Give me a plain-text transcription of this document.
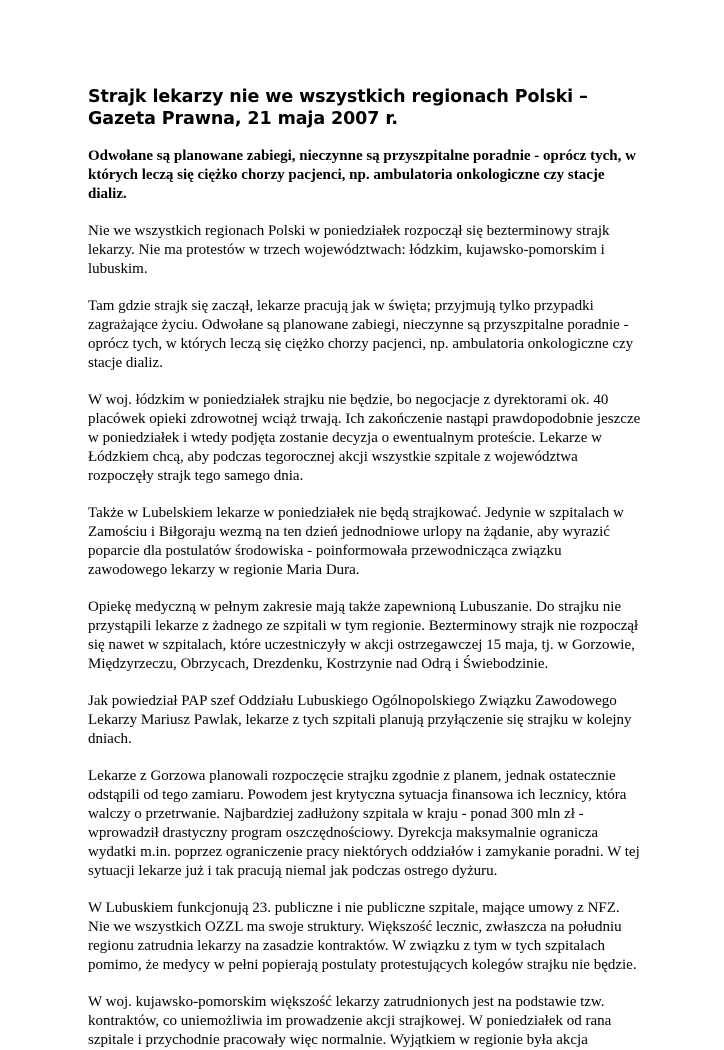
Strajk lekarzy nie we wszystkich regionach Polski – Gazeta Prawna, 21 maja 2007 r.

Odwołane są planowane zabiegi, nieczynne są przyszpitalne poradnie - oprócz tych, w których leczą się ciężko chorzy pacjenci, np. ambulatoria onkologiczne czy stacje dializ.

Nie we wszystkich regionach Polski w poniedziałek rozpoczął się bezterminowy strajk lekarzy. Nie ma protestów w trzech województwach: łódzkim, kujawsko-pomorskim i lubuskim.

Tam gdzie strajk się zaczął, lekarze pracują jak w święta; przyjmują tylko przypadki zagrażające życiu. Odwołane są planowane zabiegi, nieczynne są przyszpitalne poradnie - oprócz tych, w których leczą się ciężko chorzy pacjenci, np. ambulatoria onkologiczne czy stacje dializ.

W woj. łódzkim w poniedziałek strajku nie będzie, bo negocjacje z dyrektorami ok. 40 placówek opieki zdrowotnej wciąż trwają. Ich zakończenie nastąpi prawdopodobnie jeszcze w poniedziałek i wtedy podjęta zostanie decyzja o ewentualnym proteście. Lekarze w Łódzkiem chcą, aby podczas tegorocznej akcji wszystkie szpitale z województwa rozpoczęły strajk tego samego dnia.

Także w Lubelskiem lekarze w poniedziałek nie będą strajkować. Jedynie w szpitalach w Zamościu i Biłgoraju wezmą na ten dzień jednodniowe urlopy na żądanie, aby wyrazić poparcie dla postulatów środowiska - poinformowała przewodnicząca związku zawodowego lekarzy w regionie Maria Dura.

Opiekę medyczną w pełnym zakresie mają także zapewnioną Lubuszanie. Do strajku nie przystąpili lekarze z żadnego ze szpitali w tym regionie. Bezterminowy strajk nie rozpoczął się nawet w szpitalach, które uczestniczyły w akcji ostrzegawczej 15 maja, tj. w Gorzowie, Międzyrzeczu, Obrzycach, Drezdenku, Kostrzynie nad Odrą i Świebodzinie.

Jak powiedział PAP szef Oddziału Lubuskiego Ogólnopolskiego Związku Zawodowego Lekarzy Mariusz Pawlak, lekarze z tych szpitali planują przyłączenie się strajku w kolejny dniach.

Lekarze z Gorzowa planowali rozpoczęcie strajku zgodnie z planem, jednak ostatecznie odstąpili od tego zamiaru. Powodem jest krytyczna sytuacja finansowa ich lecznicy, która walczy o przetrwanie. Najbardziej zadłużony szpitala w kraju - ponad 300 mln zł - wprowadził drastyczny program oszczędnościowy. Dyrekcja maksymalnie ogranicza wydatki m.in. poprzez ograniczenie pracy niektórych oddziałów i zamykanie poradni. W tej sytuacji lekarze już i tak pracują niemal jak podczas ostrego dyżuru.

W Lubuskiem funkcjonują 23. publiczne i nie publiczne szpitale, mające umowy z NFZ. Nie we wszystkich OZZL ma swoje struktury. Większość lecznic, zwłaszcza na południu regionu zatrudnia lekarzy na zasadzie kontraktów. W związku z tym w tych szpitalach pomimo, że medycy w pełni popierają postulaty protestujących kolegów strajku nie będzie.

W woj. kujawsko-pomorskim większość lekarzy zatrudnionych jest na podstawie tzw. kontraktów, co uniemożliwia im prowadzenie akcji strajkowej. W poniedziałek od rana szpitale i przychodnie pracowały więc normalnie. Wyjątkiem w regionie była akcja
